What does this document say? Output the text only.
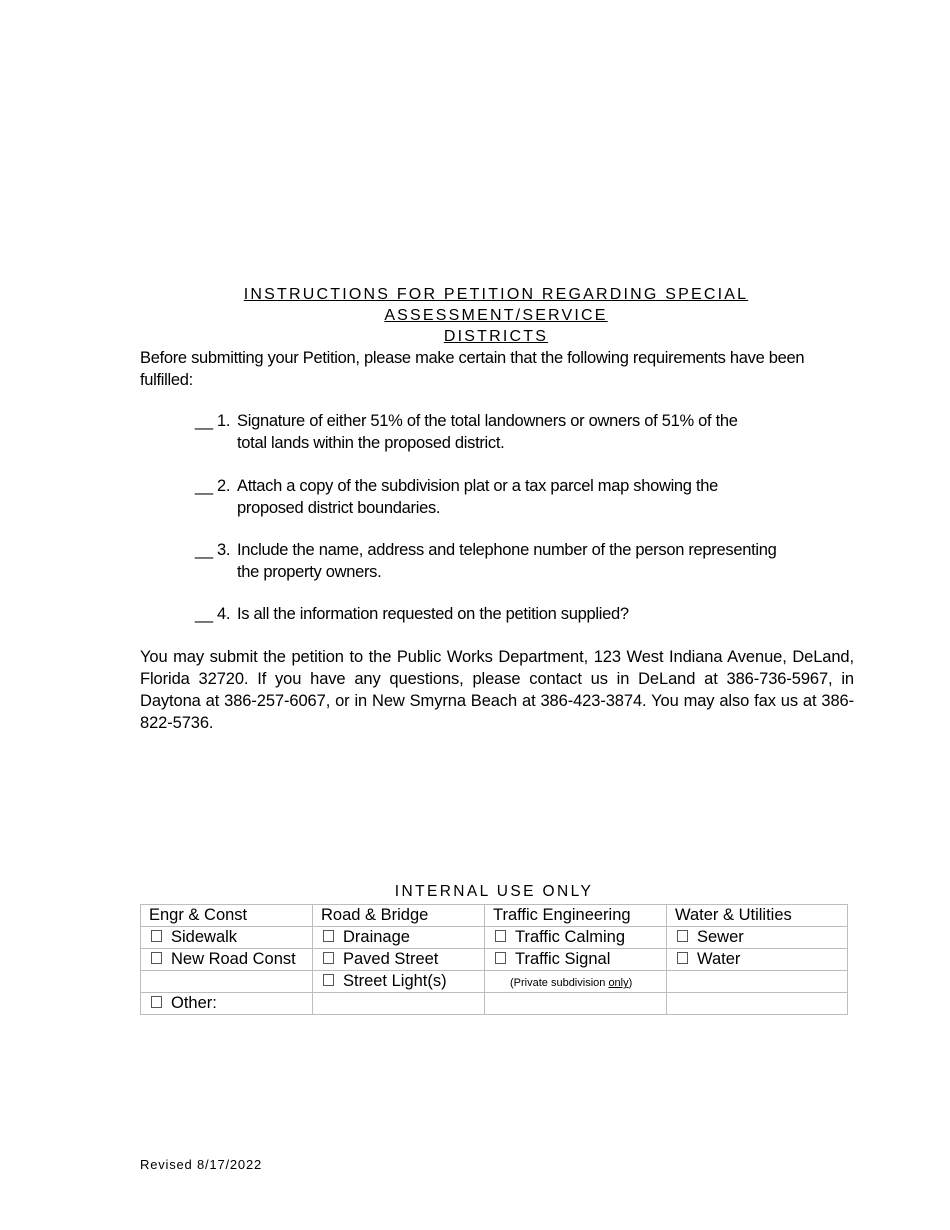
INSTRUCTIONS FOR PETITION REGARDING SPECIAL ASSESSMENT/SERVICE
DISTRICTS
Before submitting your Petition, please make certain that the following requirements have been fulfilled:
__ 1. Signature of either 51% of the total landowners or owners of 51% of the
total lands within the proposed district.
__ 2. Attach a copy of the subdivision plat or a tax parcel map showing the
proposed district boundaries.
__ 3. Include the name, address and telephone number of the person representing
the property owners.
__ 4. Is all the information requested on the petition supplied?
You may submit the petition to the Public Works Department, 123 West Indiana Avenue, DeLand, Florida 32720. If you have any questions, please contact us in DeLand at 386-736-5967, in Daytona at 386-257-6067, or in New Smyrna Beach at 386-423-3874. You may also fax us at 386-822-5736.
INTERNAL USE ONLY
Engr & Const	Road & Bridge	Traffic Engineering	Water & Utilities
Sidewalk	Drainage	Traffic Calming	Sewer
New Road Const	Paved Street	Traffic Signal	Water
	Street Light(s)	(Private subdivision only)	
Other:			
Revised 8/17/2022
